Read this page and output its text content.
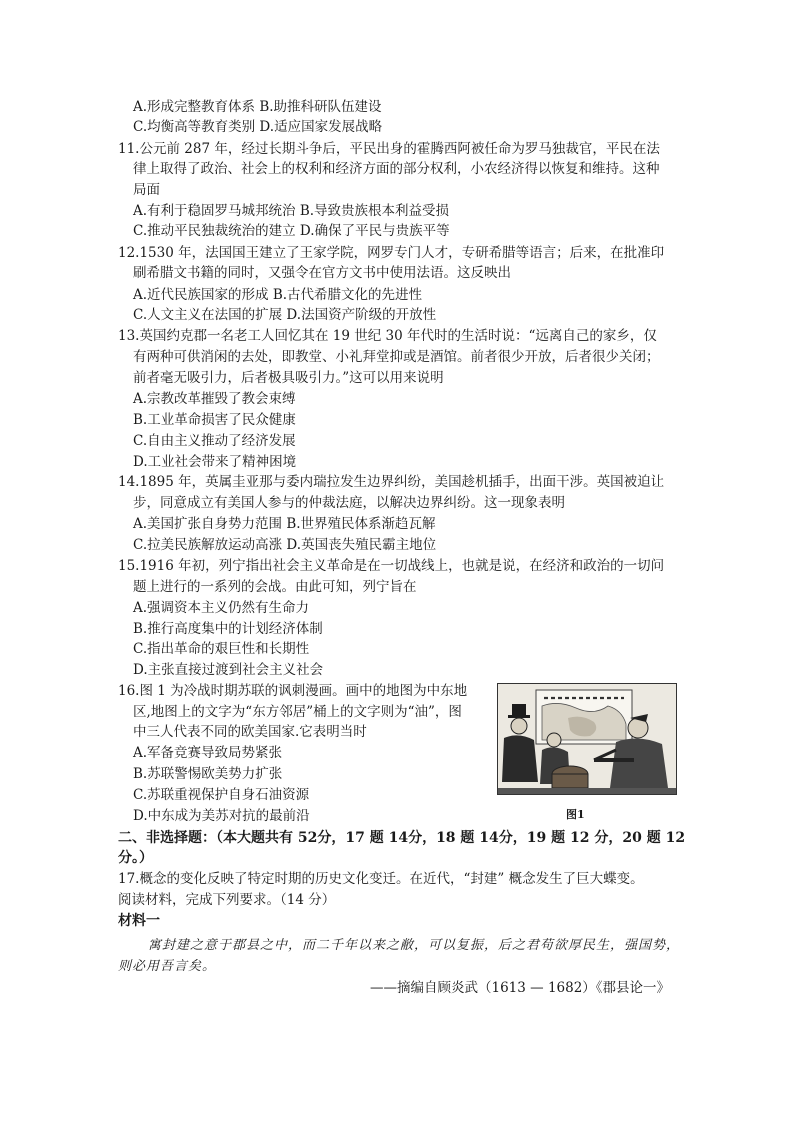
A.形成完整教育体系 B.助推科研队伍建设
C.均衡高等教育类别 D.适应国家发展战略
11.公元前 287 年，经过长期斗争后，平民出身的霍腾西阿被任命为罗马独裁官，平民在法
律上取得了政治、社会上的权利和经济方面的部分权利，小农经济得以恢复和维持。这种
局面
A.有利于稳固罗马城邦统治 B.导致贵族根本利益受损
C.推动平民独裁统治的建立 D.确保了平民与贵族平等
12.1530 年，法国国王建立了王家学院，网罗专门人才，专研希腊等语言；后来，在批准印
刷希腊文书籍的同时，又强令在官方文书中使用法语。这反映出
A.近代民族国家的形成 B.古代希腊文化的先进性
C.人文主义在法国的扩展 D.法国资产阶级的开放性
13.英国约克郡一名老工人回忆其在 19 世纪 30 年代时的生活时说：“远离自己的家乡，仅
有两种可供消闲的去处，即教堂、小礼拜堂抑或是酒馆。前者很少开放，后者很少关闭；
前者毫无吸引力，后者极具吸引力。”这可以用来说明
A.宗教改革摧毁了教会束缚
B.工业革命损害了民众健康
C.自由主义推动了经济发展
D.工业社会带来了精神困境
14.1895 年，英属圭亚那与委内瑞拉发生边界纠纷，美国趁机插手，出面干涉。英国被迫让
步，同意成立有美国人参与的仲裁法庭，以解决边界纠纷。这一现象表明
A.美国扩张自身势力范围 B.世界殖民体系渐趋瓦解
C.拉美民族解放运动高涨 D.英国丧失殖民霸主地位
15.1916 年初，列宁指出社会主义革命是在一切战线上，也就是说，在经济和政治的一切问
题上进行的一系列的会战。由此可知，列宁旨在
A.强调资本主义仍然有生命力
B.推行高度集中的计划经济体制
C.指出革命的艰巨性和长期性
D.主张直接过渡到社会主义社会
16.图 1 为冷战时期苏联的讽刺漫画。画中的地图为中东地
区,地图上的文字为“东方邻居”桶上的文字则为“油”，图
中三人代表不同的欧美国家.它表明当时
A.军备竞赛导致局势紧张
B.苏联警惕欧美势力扩张
C.苏联重视保护自身石油资源
D.中东成为美苏对抗的最前沿	图1
二、非选择题：（本大题共有 52分，17 题 14分，18 题 14分，19 题 12 分，20 题 12
分。）
17.概念的变化反映了特定时期的历史文化变迁。在近代，“封建” 概念发生了巨大蝶变。
阅读材料，完成下列要求。（14 分）
材料一
寓封建之意于郡县之中，而二千年以来之敝，可以复振，后之君苟欲厚民生，强国势，
则必用吾言矣。
——摘编自顾炎武（1613 — 1682）《郡县论一》
